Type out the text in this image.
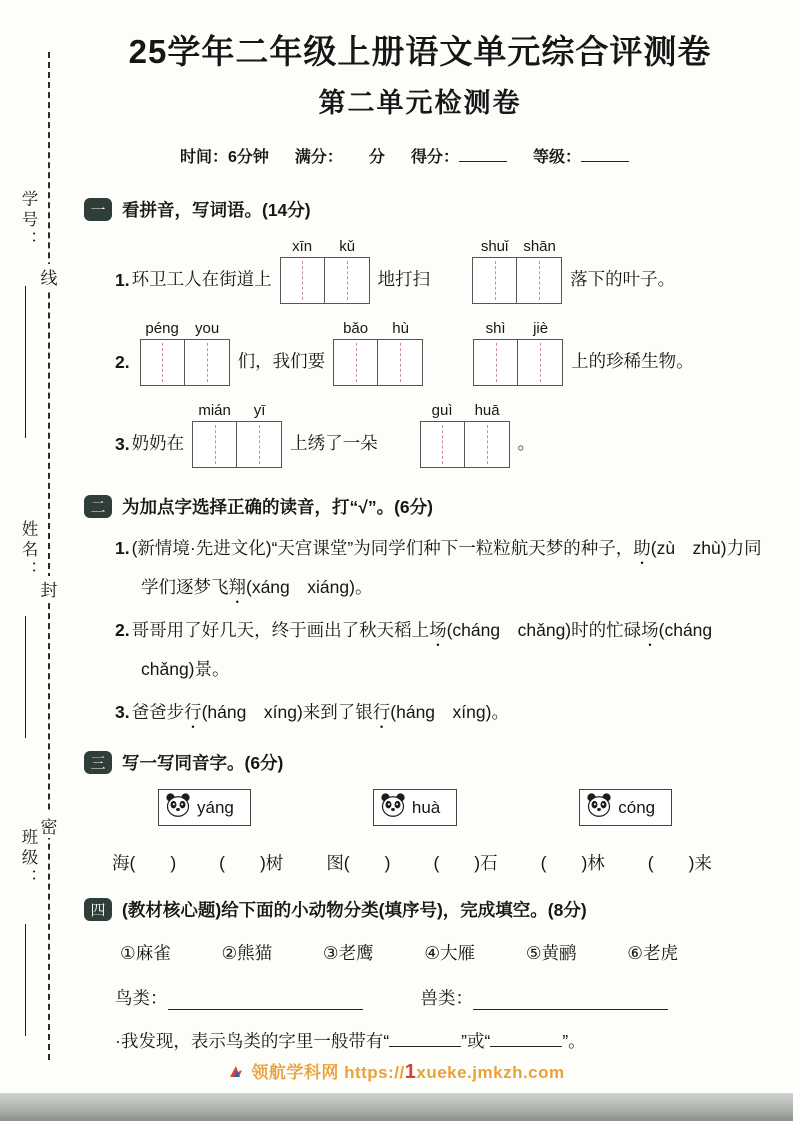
线
封
密
学号：
姓名：
班级：
25学年二年级上册语文单元综合评测卷
第二单元检测卷
时间：6分钟 满分： 分 得分：	等级：
一 看拼音，写词语。(14分)
1. 环卫工人在街道上
xīn	kǔ
地打扫
shuǐ shān
落下的叶子。
2.
péng	you
们，我们要
bǎo	hù	shì	jiè
上的珍稀生物。
3. 奶奶在
mián	yī
上绣了一朵
guì	huā
。
二 为加点字选择正确的读音，打“√”。(6分)

1. (新情境·先进文化)“天宫课堂”为同学们种下一粒粒航天梦的种子，助(zù　zhù)力同学们逐梦飞翔(xáng　xiáng)。

2. 哥哥用了好几天，终于画出了秋天稻上场(cháng　chǎng)时的忙碌场(cháng　chǎng)景。

3. 爸爸步行(háng　xíng)来到了银行(háng　xíng)。

三 写一写同音字。(6分)
yáng	huà	cóng
海(　　) (　　)树 图(　　) (　　)石 (　　)林 (　　)来
四 (教材核心题)给下面的小动物分类(填序号)，完成填空。(8分)
①麻雀	②熊猫	③老鹰	④大雁	⑤黄鹂	⑥老虎
鸟类：	兽类：
·我发现，表示鸟类的字里一般带有“	”或“	”。
领航学科网 https://1xueke.jmkzh.com
